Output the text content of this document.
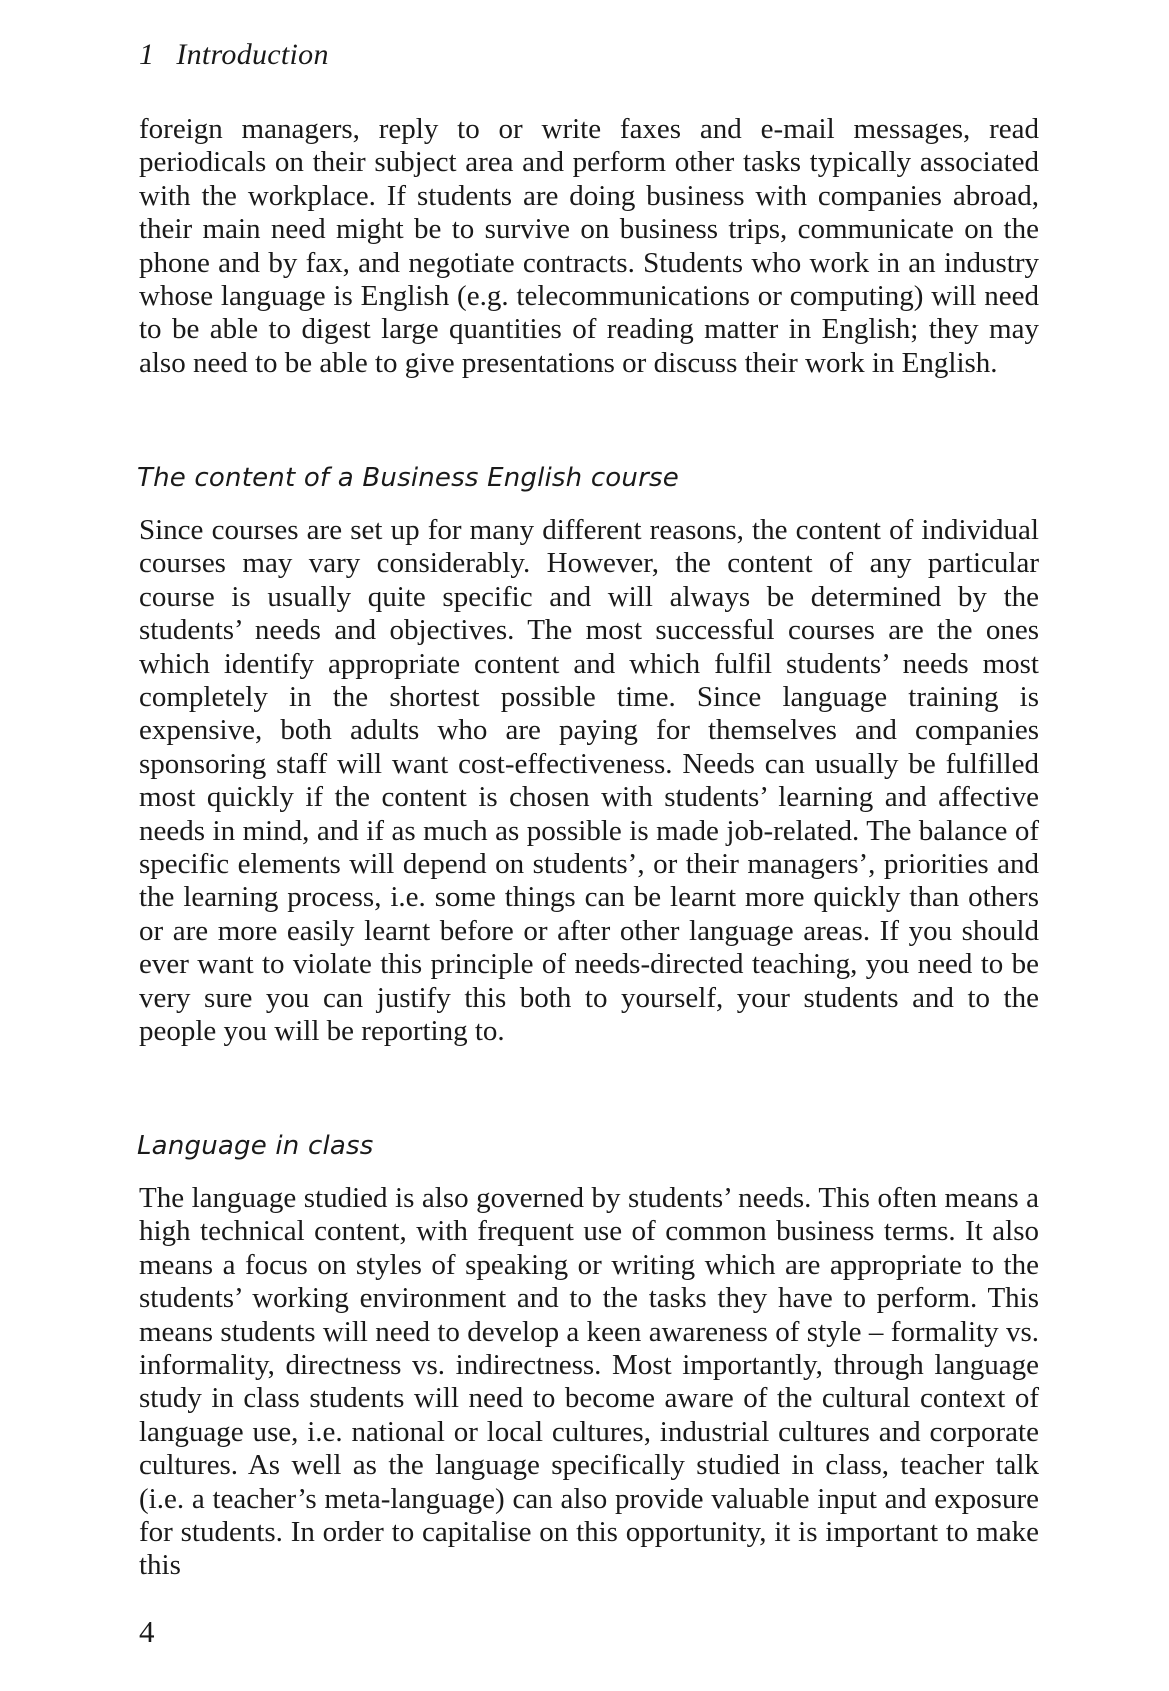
1 Introduction

foreign managers, reply to or write faxes and e-mail messages, read periodicals on their subject area and perform other tasks typically associated with the workplace. If students are doing business with companies abroad, their main need might be to survive on business trips, communicate on the phone and by fax, and negotiate contracts. Students who work in an industry whose language is English (e.g. telecommunications or computing) will need to be able to digest large quantities of reading matter in English; they may also need to be able to give presentations or discuss their work in English.

The content of a Business English course

Since courses are set up for many different reasons, the content of individual courses may vary considerably. However, the content of any particular course is usually quite specific and will always be determined by the students’ needs and objectives. The most successful courses are the ones which identify appropriate content and which fulfil students’ needs most completely in the shortest possible time. Since language training is expensive, both adults who are paying for themselves and companies sponsoring staff will want cost-effectiveness. Needs can usually be fulfilled most quickly if the content is chosen with students’ learning and affective needs in mind, and if as much as possible is made job-related. The balance of specific elements will depend on students’, or their managers’, priorities and the learning process, i.e. some things can be learnt more quickly than others or are more easily learnt before or after other language areas. If you should ever want to violate this principle of needs-directed teaching, you need to be very sure you can justify this both to yourself, your students and to the people you will be reporting to.

Language in class

The language studied is also governed by students’ needs. This often means a high technical content, with frequent use of common business terms. It also means a focus on styles of speaking or writing which are appropriate to the students’ working environment and to the tasks they have to perform. This means students will need to develop a keen awareness of style – formality vs. informality, directness vs. indirectness. Most importantly, through language study in class students will need to become aware of the cultural context of language use, i.e. national or local cultures, industrial cultures and corporate cultures. As well as the language specifically studied in class, teacher talk (i.e. a teacher’s meta-language) can also provide valuable input and exposure for students. In order to capitalise on this opportunity, it is important to make this

4
